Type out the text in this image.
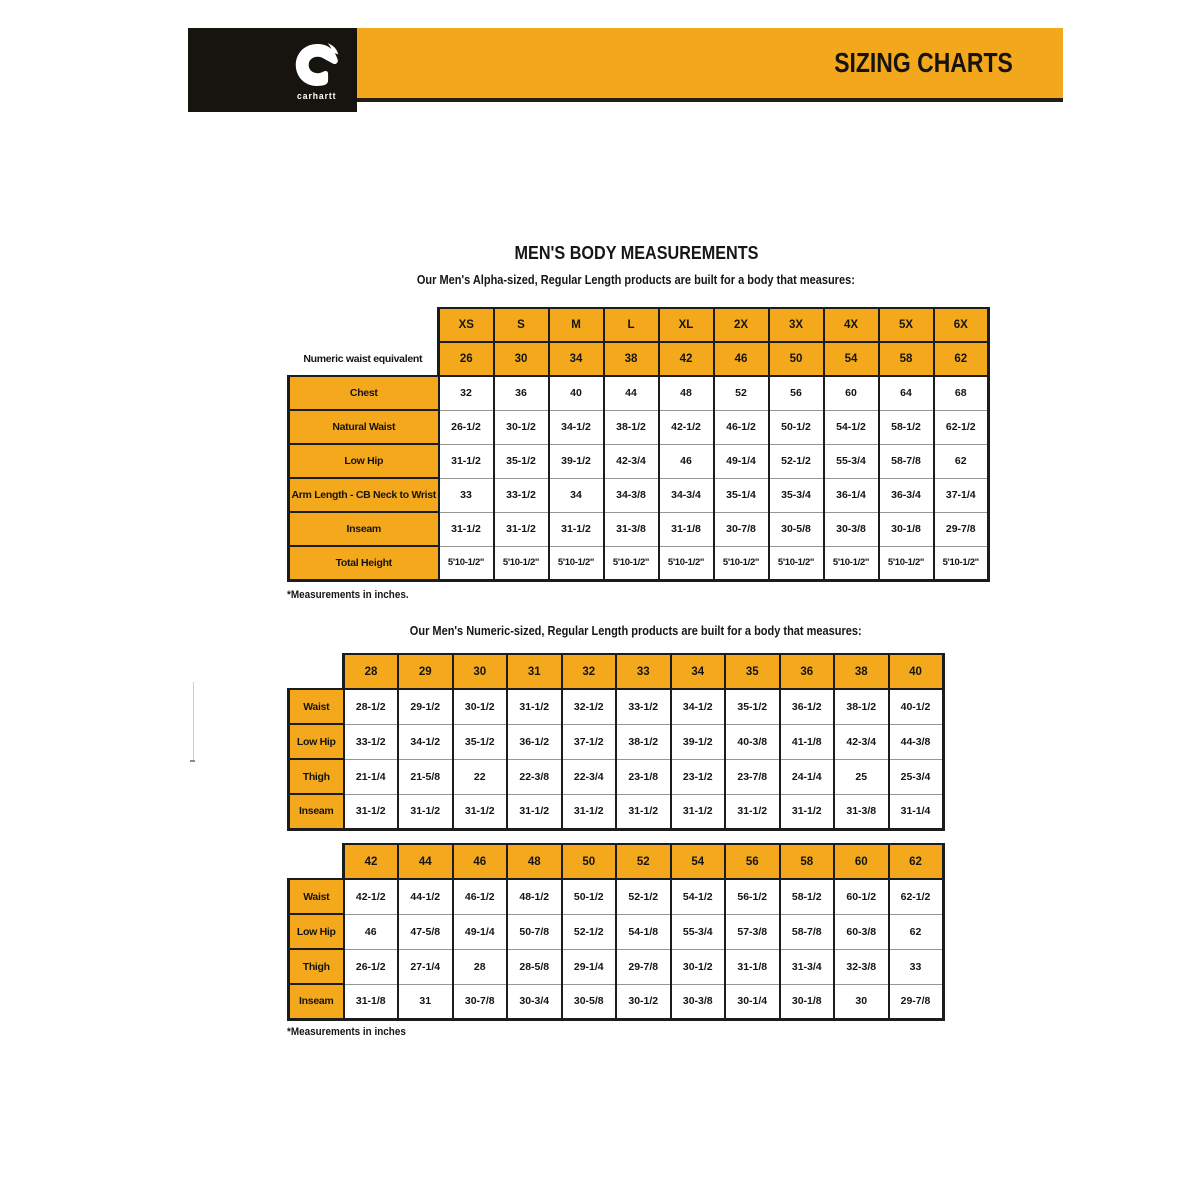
carhartt
SIZING CHARTS
MEN'S BODY MEASUREMENTS
Our Men's Alpha-sized, Regular Length products are built for a body that measures:
	XS	S	M	L	XL	2X	3X	4X	5X	6X
Numeric waist equivalent	26	30	34	38	42	46	50	54	58	62
Chest	32	36	40	44	48	52	56	60	64	68
Natural Waist	26-1/2	30-1/2	34-1/2	38-1/2	42-1/2	46-1/2	50-1/2	54-1/2	58-1/2	62-1/2
Low Hip	31-1/2	35-1/2	39-1/2	42-3/4	46	49-1/4	52-1/2	55-3/4	58-7/8	62
Arm Length - CB Neck to Wrist	33	33-1/2	34	34-3/8	34-3/4	35-1/4	35-3/4	36-1/4	36-3/4	37-1/4
Inseam	31-1/2	31-1/2	31-1/2	31-3/8	31-1/8	30-7/8	30-5/8	30-3/8	30-1/8	29-7/8
Total Height	5'10-1/2"	5'10-1/2"	5'10-1/2"	5'10-1/2"	5'10-1/2"	5'10-1/2"	5'10-1/2"	5'10-1/2"	5'10-1/2"	5'10-1/2"
*Measurements in inches.
Our Men's Numeric-sized, Regular Length products are built for a body that measures:
	28	29	30	31	32	33	34	35	36	38	40
Waist	28-1/2	29-1/2	30-1/2	31-1/2	32-1/2	33-1/2	34-1/2	35-1/2	36-1/2	38-1/2	40-1/2
Low Hip	33-1/2	34-1/2	35-1/2	36-1/2	37-1/2	38-1/2	39-1/2	40-3/8	41-1/8	42-3/4	44-3/8
Thigh	21-1/4	21-5/8	22	22-3/8	22-3/4	23-1/8	23-1/2	23-7/8	24-1/4	25	25-3/4
Inseam	31-1/2	31-1/2	31-1/2	31-1/2	31-1/2	31-1/2	31-1/2	31-1/2	31-1/2	31-3/8	31-1/4
	42	44	46	48	50	52	54	56	58	60	62
Waist	42-1/2	44-1/2	46-1/2	48-1/2	50-1/2	52-1/2	54-1/2	56-1/2	58-1/2	60-1/2	62-1/2
Low Hip	46	47-5/8	49-1/4	50-7/8	52-1/2	54-1/8	55-3/4	57-3/8	58-7/8	60-3/8	62
Thigh	26-1/2	27-1/4	28	28-5/8	29-1/4	29-7/8	30-1/2	31-1/8	31-3/4	32-3/8	33
Inseam	31-1/8	31	30-7/8	30-3/4	30-5/8	30-1/2	30-3/8	30-1/4	30-1/8	30	29-7/8
*Measurements in inches
